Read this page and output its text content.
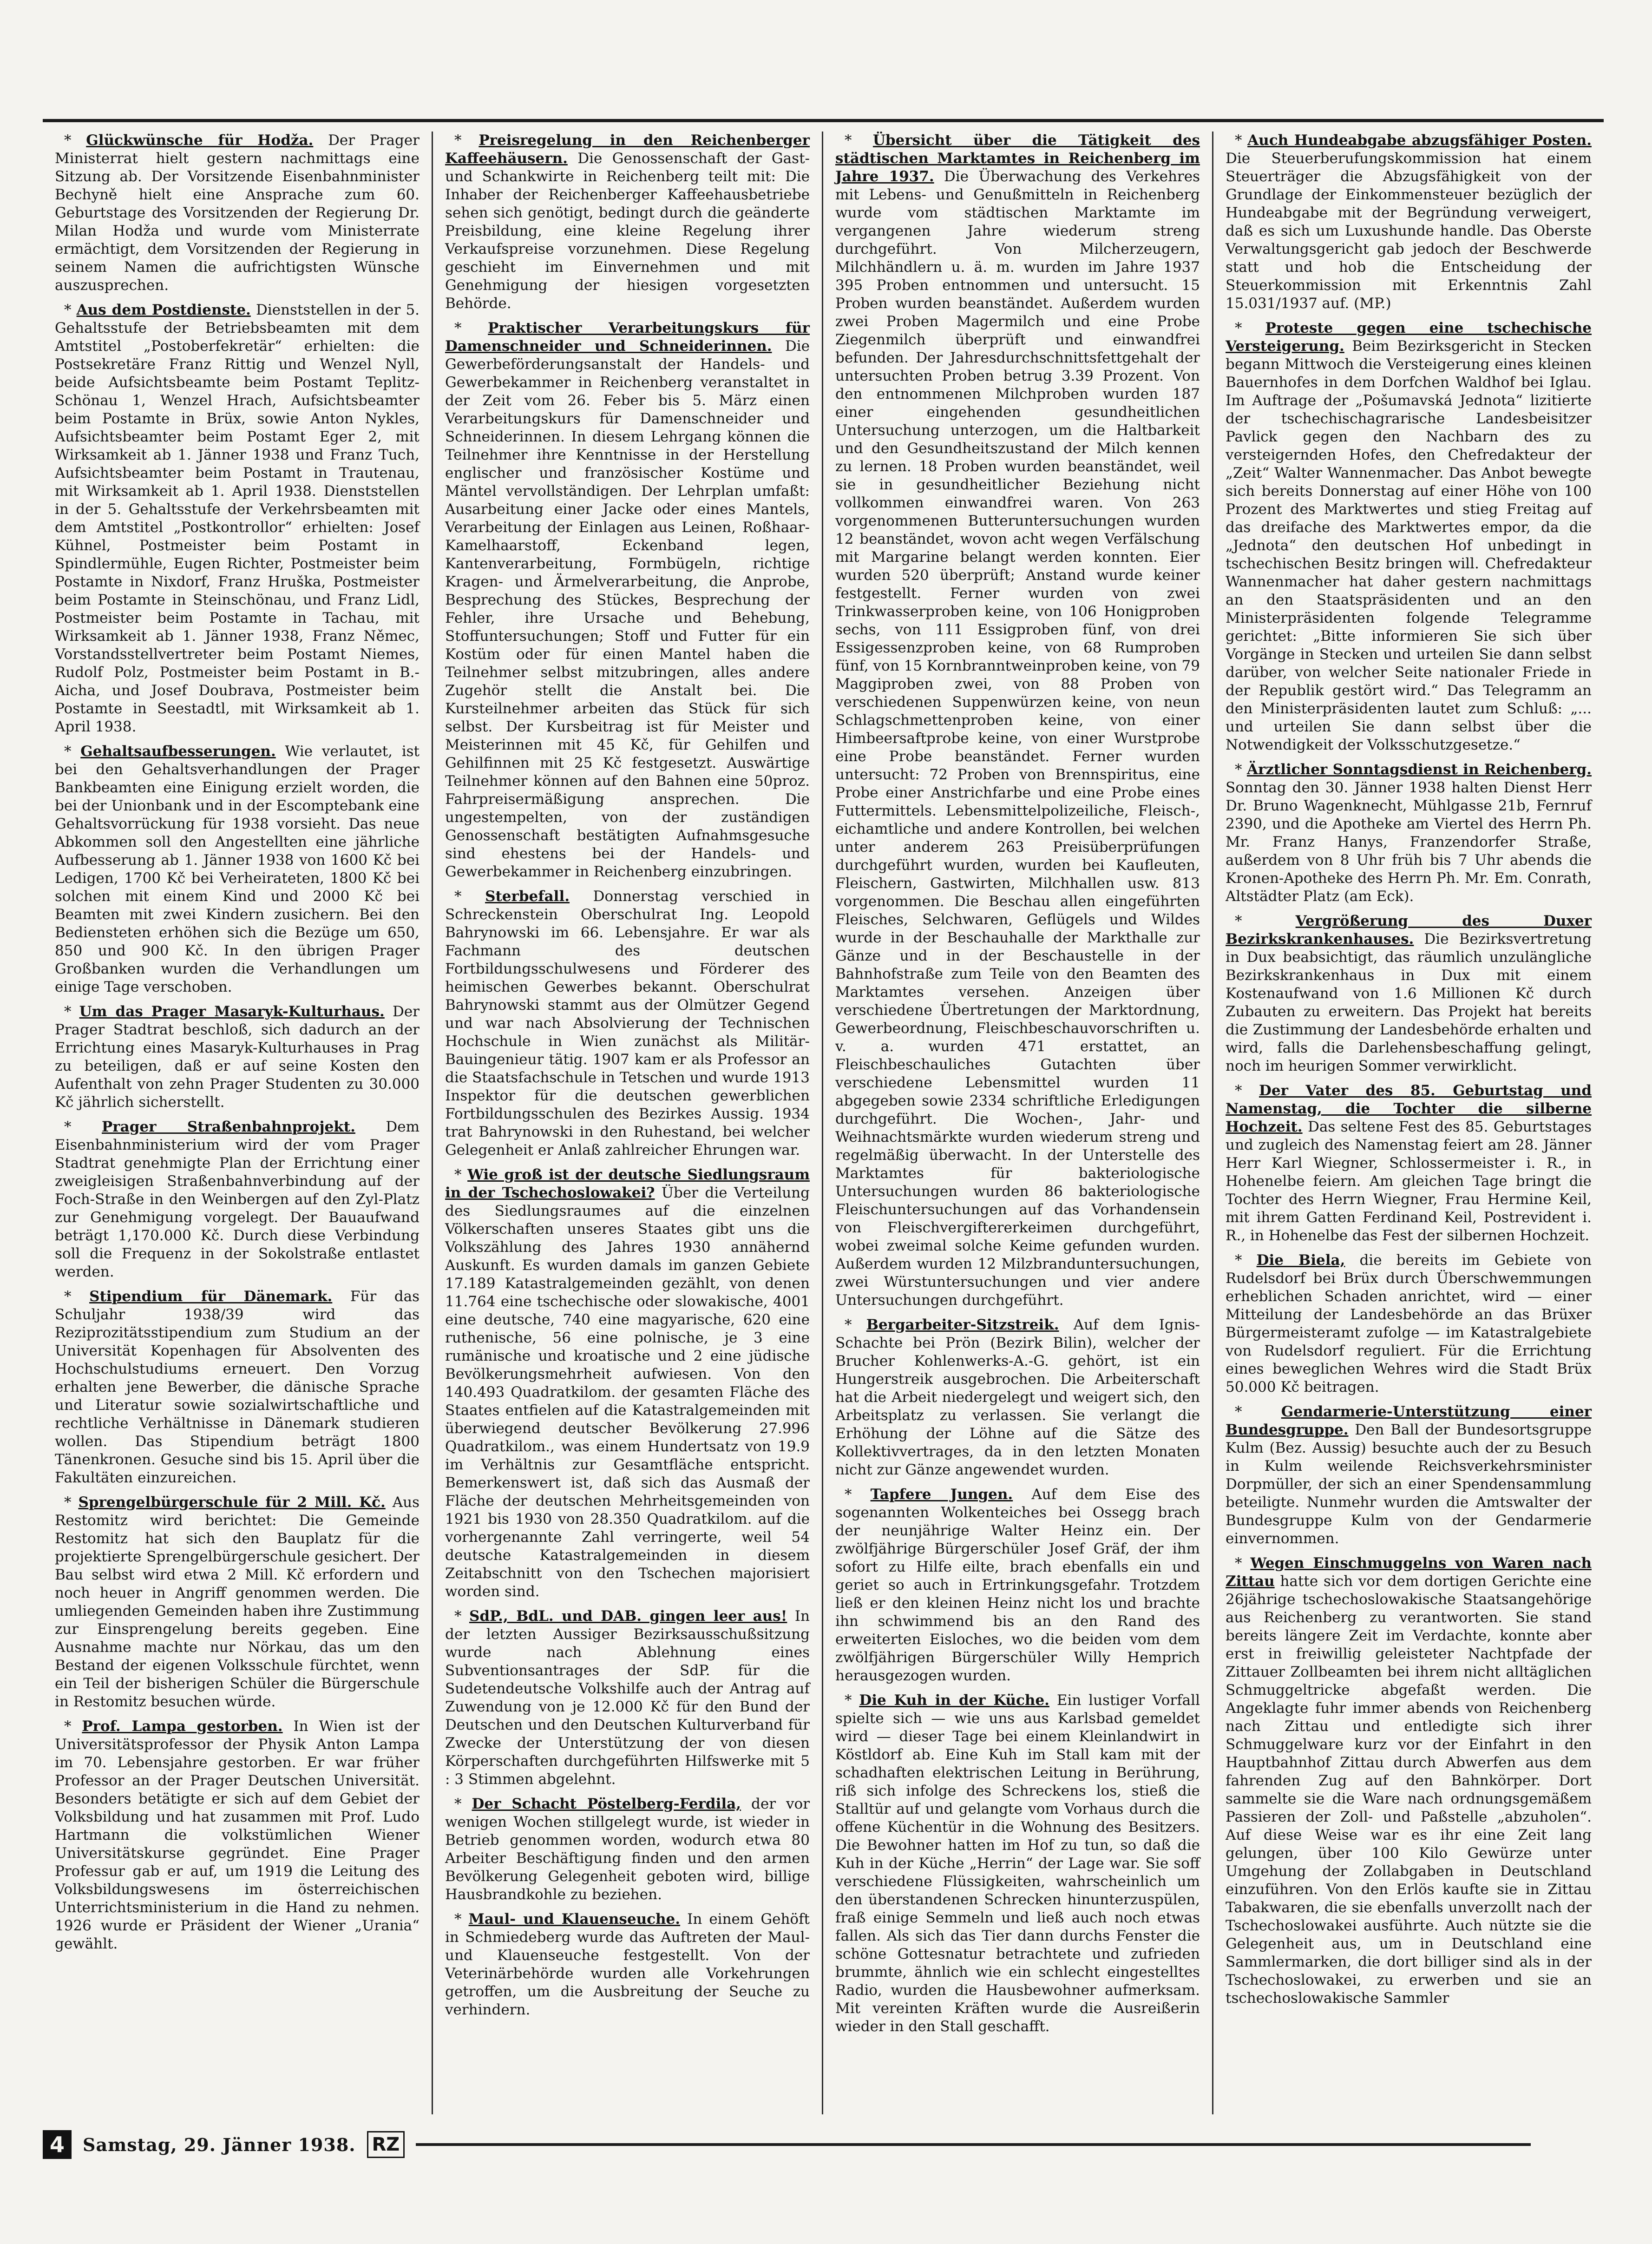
* Glückwünsche für Hodža. Der Prager Ministerrat hielt gestern nachmittags eine Sitzung ab. Der Vorsitzende Eisenbahnminister Bechyně hielt eine Ansprache zum 60. Geburtstage des Vorsitzenden der Regierung Dr. Milan Hodža und wurde vom Ministerrate ermächtigt, dem Vorsitzenden der Regierung in seinem Namen die aufrichtigsten Wünsche auszusprechen.

* Aus dem Postdienste. Dienststellen in der 5. Gehaltsstufe der Betriebsbeamten mit dem Amtstitel „Postoberfekretär“ erhielten: die Postsekretäre Franz Rittig und Wenzel Nyll, beide Aufsichtsbeamte beim Postamt Teplitz-Schönau 1, Wenzel Hrach, Aufsichtsbeamter beim Postamte in Brüx, sowie Anton Nykles, Aufsichtsbeamter beim Postamt Eger 2, mit Wirksamkeit ab 1. Jänner 1938 und Franz Tuch, Aufsichtsbeamter beim Postamt in Trautenau, mit Wirksamkeit ab 1. April 1938. Dienststellen in der 5. Gehaltsstufe der Verkehrsbeamten mit dem Amtstitel „Postkontrollor“ erhielten: Josef Kühnel, Postmeister beim Postamt in Spindlermühle, Eugen Richter, Postmeister beim Postamte in Nixdorf, Franz Hruška, Postmeister beim Postamte in Steinschönau, und Franz Lidl, Postmeister beim Postamte in Tachau, mit Wirksamkeit ab 1. Jänner 1938, Franz Němec, Vorstandsstellvertreter beim Postamt Niemes, Rudolf Polz, Postmeister beim Postamt in B.-Aicha, und Josef Doubrava, Postmeister beim Postamte in Seestadtl, mit Wirksamkeit ab 1. April 1938.

* Gehaltsaufbesserungen. Wie verlautet, ist bei den Gehaltsverhandlungen der Prager Bankbeamten eine Einigung erzielt worden, die bei der Unionbank und in der Escomptebank eine Gehaltsvorrückung für 1938 vorsieht. Das neue Abkommen soll den Angestellten eine jährliche Aufbesserung ab 1. Jänner 1938 von 1600 Kč bei Ledigen, 1700 Kč bei Verheirateten, 1800 Kč bei solchen mit einem Kind und 2000 Kč bei Beamten mit zwei Kindern zusichern. Bei den Bediensteten erhöhen sich die Bezüge um 650, 850 und 900 Kč. In den übrigen Prager Großbanken wurden die Verhandlungen um einige Tage verschoben.

* Um das Prager Masaryk-Kulturhaus. Der Prager Stadtrat beschloß, sich dadurch an der Errichtung eines Masaryk-Kulturhauses in Prag zu beteiligen, daß er auf seine Kosten den Aufenthalt von zehn Prager Studenten zu 30.000 Kč jährlich sicherstellt.

* Prager Straßenbahnprojekt. Dem Eisenbahnministerium wird der vom Prager Stadtrat genehmigte Plan der Errichtung einer zweigleisigen Straßenbahnverbindung auf der Foch-Straße in den Weinbergen auf den Zyl-Platz zur Genehmigung vorgelegt. Der Bauaufwand beträgt 1,170.000 Kč. Durch diese Verbindung soll die Frequenz in der Sokolstraße entlastet werden.

* Stipendium für Dänemark. Für das Schuljahr 1938/39 wird das Reziprozitätsstipendium zum Studium an der Universität Kopenhagen für Absolventen des Hochschulstudiums erneuert. Den Vorzug erhalten jene Bewerber, die dänische Sprache und Literatur sowie sozialwirtschaftliche und rechtliche Verhältnisse in Dänemark studieren wollen. Das Stipendium beträgt 1800 Tänenkronen. Gesuche sind bis 15. April über die Fakultäten einzureichen.

* Sprengelbürgerschule für 2 Mill. Kč. Aus Restomitz wird berichtet: Die Gemeinde Restomitz hat sich den Bauplatz für die projektierte Sprengelbürgerschule gesichert. Der Bau selbst wird etwa 2 Mill. Kč erfordern und noch heuer in Angriff genommen werden. Die umliegenden Gemeinden haben ihre Zustimmung zur Einsprengelung bereits gegeben. Eine Ausnahme machte nur Nörkau, das um den Bestand der eigenen Volksschule fürchtet, wenn ein Teil der bisherigen Schüler die Bürgerschule in Restomitz besuchen würde.

* Prof. Lampa gestorben. In Wien ist der Universitätsprofessor der Physik Anton Lampa im 70. Lebensjahre gestorben. Er war früher Professor an der Prager Deutschen Universität. Besonders betätigte er sich auf dem Gebiet der Volksbildung und hat zusammen mit Prof. Ludo Hartmann die volkstümlichen Wiener Universitätskurse gegründet. Eine Prager Professur gab er auf, um 1919 die Leitung des Volksbildungswesens im österreichischen Unterrichtsministerium in die Hand zu nehmen. 1926 wurde er Präsident der Wiener „Urania“ gewählt.

* Preisregelung in den Reichenberger Kaffeehäusern. Die Genossenschaft der Gast- und Schankwirte in Reichenberg teilt mit: Die Inhaber der Reichenberger Kaffeehausbetriebe sehen sich genötigt, bedingt durch die geänderte Preisbildung, eine kleine Regelung ihrer Verkaufspreise vorzunehmen. Diese Regelung geschieht im Einvernehmen und mit Genehmigung der hiesigen vorgesetzten Behörde.

* Praktischer Verarbeitungskurs für Damenschneider und Schneiderinnen. Die Gewerbeförderungsanstalt der Handels- und Gewerbekammer in Reichenberg veranstaltet in der Zeit vom 26. Feber bis 5. März einen Verarbeitungskurs für Damenschneider und Schneiderinnen. In diesem Lehrgang können die Teilnehmer ihre Kenntnisse in der Herstellung englischer und französischer Kostüme und Mäntel vervollständigen. Der Lehrplan umfaßt: Ausarbeitung einer Jacke oder eines Mantels, Verarbeitung der Einlagen aus Leinen, Roßhaar-Kamelhaarstoff, Eckenband legen, Kantenverarbeitung, Formbügeln, richtige Kragen- und Ärmelverarbeitung, die Anprobe, Besprechung des Stückes, Besprechung der Fehler, ihre Ursache und Behebung, Stoffuntersuchungen; Stoff und Futter für ein Kostüm oder für einen Mantel haben die Teilnehmer selbst mitzubringen, alles andere Zugehör stellt die Anstalt bei. Die Kursteilnehmer arbeiten das Stück für sich selbst. Der Kursbeitrag ist für Meister und Meisterinnen mit 45 Kč, für Gehilfen und Gehilfinnen mit 25 Kč festgesetzt. Auswärtige Teilnehmer können auf den Bahnen eine 50proz. Fahrpreisermäßigung ansprechen. Die ungestempelten, von der zuständigen Genossenschaft bestätigten Aufnahmsgesuche sind ehestens bei der Handels- und Gewerbekammer in Reichenberg einzubringen.

* Sterbefall. Donnerstag verschied in Schreckenstein Oberschulrat Ing. Leopold Bahrynowski im 66. Lebensjahre. Er war als Fachmann des deutschen Fortbildungsschulwesens und Förderer des heimischen Gewerbes bekannt. Oberschulrat Bahrynowski stammt aus der Olmützer Gegend und war nach Absolvierung der Technischen Hochschule in Wien zunächst als Militär-Bauingenieur tätig. 1907 kam er als Professor an die Staatsfachschule in Tetschen und wurde 1913 Inspektor für die deutschen gewerblichen Fortbildungsschulen des Bezirkes Aussig. 1934 trat Bahrynowski in den Ruhestand, bei welcher Gelegenheit er Anlaß zahlreicher Ehrungen war.

* Wie groß ist der deutsche Siedlungsraum in der Tschechoslowakei? Über die Verteilung des Siedlungsraumes auf die einzelnen Völkerschaften unseres Staates gibt uns die Volkszählung des Jahres 1930 annähernd Auskunft. Es wurden damals im ganzen Gebiete 17.189 Katastralgemeinden gezählt, von denen 11.764 eine tschechische oder slowakische, 4001 eine deutsche, 740 eine magyarische, 620 eine ruthenische, 56 eine polnische, je 3 eine rumänische und kroatische und 2 eine jüdische Bevölkerungsmehrheit aufwiesen. Von den 140.493 Quadratkilom. der gesamten Fläche des Staates entfielen auf die Katastralgemeinden mit überwiegend deutscher Bevölkerung 27.996 Quadratkilom., was einem Hundertsatz von 19.9 im Verhältnis zur Gesamtfläche entspricht. Bemerkenswert ist, daß sich das Ausmaß der Fläche der deutschen Mehrheitsgemeinden von 1921 bis 1930 von 28.350 Quadratkilom. auf die vorhergenannte Zahl verringerte, weil 54 deutsche Katastralgemeinden in diesem Zeitabschnitt von den Tschechen majorisiert worden sind.

* SdP., BdL. und DAB. gingen leer aus! In der letzten Aussiger Bezirksausschußsitzung wurde nach Ablehnung eines Subventionsantrages der SdP. für die Sudetendeutsche Volkshilfe auch der Antrag auf Zuwendung von je 12.000 Kč für den Bund der Deutschen und den Deutschen Kulturverband für Zwecke der Unterstützung der von diesen Körperschaften durchgeführten Hilfswerke mit 5 : 3 Stimmen abgelehnt.

* Der Schacht Pöstelberg-Ferdila, der vor wenigen Wochen stillgelegt wurde, ist wieder in Betrieb genommen worden, wodurch etwa 80 Arbeiter Beschäftigung finden und den armen Bevölkerung Gelegenheit geboten wird, billige Hausbrandkohle zu beziehen.

* Maul- und Klauenseuche. In einem Gehöft in Schmiedeberg wurde das Auftreten der Maul- und Klauenseuche festgestellt. Von der Veterinärbehörde wurden alle Vorkehrungen getroffen, um die Ausbreitung der Seuche zu verhindern.

* Übersicht über die Tätigkeit des städtischen Marktamtes in Reichenberg im Jahre 1937. Die Überwachung des Verkehres mit Lebens- und Genußmitteln in Reichenberg wurde vom städtischen Marktamte im vergangenen Jahre wiederum streng durchgeführt. Von Milcherzeugern, Milchhändlern u. ä. m. wurden im Jahre 1937 395 Proben entnommen und untersucht. 15 Proben wurden beanständet. Außerdem wurden zwei Proben Magermilch und eine Probe Ziegenmilch überprüft und einwandfrei befunden. Der Jahresdurchschnittsfettgehalt der untersuchten Proben betrug 3.39 Prozent. Von den entnommenen Milchproben wurden 187 einer eingehenden gesundheitlichen Untersuchung unterzogen, um die Haltbarkeit und den Gesundheitszustand der Milch kennen zu lernen. 18 Proben wurden beanständet, weil sie in gesundheitlicher Beziehung nicht vollkommen einwandfrei waren. Von 263 vorgenommenen Butteruntersuchungen wurden 12 beanständet, wovon acht wegen Verfälschung mit Margarine belangt werden konnten. Eier wurden 520 überprüft; Anstand wurde keiner festgestellt. Ferner wurden von zwei Trinkwasserproben keine, von 106 Honigproben sechs, von 111 Essigproben fünf, von drei Essigessenzproben keine, von 68 Rumproben fünf, von 15 Kornbranntweinproben keine, von 79 Maggiproben zwei, von 88 Proben von verschiedenen Suppenwürzen keine, von neun Schlagschmettenproben keine, von einer Himbeersaftprobe keine, von einer Wurstprobe eine Probe beanständet. Ferner wurden untersucht: 72 Proben von Brennspiritus, eine Probe einer Anstrichfarbe und eine Probe eines Futtermittels. Lebensmittelpolizeiliche, Fleisch-, eichamtliche und andere Kontrollen, bei welchen unter anderem 263 Preisüberprüfungen durchgeführt wurden, wurden bei Kaufleuten, Fleischern, Gastwirten, Milchhallen usw. 813 vorgenommen. Die Beschau allen eingeführten Fleisches, Selchwaren, Geflügels und Wildes wurde in der Beschauhalle der Markthalle zur Gänze und in der Beschaustelle in der Bahnhofstraße zum Teile von den Beamten des Marktamtes versehen. Anzeigen über verschiedene Übertretungen der Marktordnung, Gewerbeordnung, Fleischbeschauvorschriften u. v. a. wurden 471 erstattet, an Fleischbeschauliches Gutachten über verschiedene Lebensmittel wurden 11 abgegeben sowie 2334 schriftliche Erledigungen durchgeführt. Die Wochen-, Jahr- und Weihnachtsmärkte wurden wiederum streng und regelmäßig überwacht. In der Unterstelle des Marktamtes für bakteriologische Untersuchungen wurden 86 bakteriologische Fleischuntersuchungen auf das Vorhandensein von Fleischvergiftererkeimen durchgeführt, wobei zweimal solche Keime gefunden wurden. Außerdem wurden 12 Milzbranduntersuchungen, zwei Würstuntersuchungen und vier andere Untersuchungen durchgeführt.

* Bergarbeiter-Sitzstreik. Auf dem Ignis-Schachte bei Prön (Bezirk Bilin), welcher der Brucher Kohlenwerks-A.-G. gehört, ist ein Hungerstreik ausgebrochen. Die Arbeiterschaft hat die Arbeit niedergelegt und weigert sich, den Arbeitsplatz zu verlassen. Sie verlangt die Erhöhung der Löhne auf die Sätze des Kollektivvertrages, da in den letzten Monaten nicht zur Gänze angewendet wurden.

* Tapfere Jungen. Auf dem Eise des sogenannten Wolkenteiches bei Ossegg brach der neunjährige Walter Heinz ein. Der zwölfjährige Bürgerschüler Josef Gräf, der ihm sofort zu Hilfe eilte, brach ebenfalls ein und geriet so auch in Ertrinkungsgefahr. Trotzdem ließ er den kleinen Heinz nicht los und brachte ihn schwimmend bis an den Rand des erweiterten Eisloches, wo die beiden vom dem zwölfjährigen Bürgerschüler Willy Hemprich herausgezogen wurden.

* Die Kuh in der Küche. Ein lustiger Vorfall spielte sich — wie uns aus Karlsbad gemeldet wird — dieser Tage bei einem Kleinlandwirt in Köstldorf ab. Eine Kuh im Stall kam mit der schadhaften elektrischen Leitung in Berührung, riß sich infolge des Schreckens los, stieß die Stalltür auf und gelangte vom Vorhaus durch die offene Küchentür in die Wohnung des Besitzers. Die Bewohner hatten im Hof zu tun, so daß die Kuh in der Küche „Herrin“ der Lage war. Sie soff verschiedene Flüssigkeiten, wahrscheinlich um den überstandenen Schrecken hinunterzuspülen, fraß einige Semmeln und ließ auch noch etwas fallen. Als sich das Tier dann durchs Fenster die schöne Gottesnatur betrachtete und zufrieden brummte, ähnlich wie ein schlecht eingestelltes Radio, wurden die Hausbewohner aufmerksam. Mit vereinten Kräften wurde die Ausreißerin wieder in den Stall geschafft.

* Auch Hundeabgabe abzugsfähiger Posten. Die Steuerberufungskommission hat einem Steuerträger die Abzugsfähigkeit von der Grundlage der Einkommensteuer bezüglich der Hundeabgabe mit der Begründung verweigert, daß es sich um Luxushunde handle. Das Oberste Verwaltungsgericht gab jedoch der Beschwerde statt und hob die Entscheidung der Steuerkommission mit Erkenntnis Zahl 15.031/1937 auf. (MP.)

* Proteste gegen eine tschechische Versteigerung. Beim Bezirksgericht in Stecken begann Mittwoch die Versteigerung eines kleinen Bauernhofes in dem Dorfchen Waldhof bei Iglau. Im Auftrage der „Pošumavská Jednota“ lizitierte der tschechischagrarische Landesbeisitzer Pavlick gegen den Nachbarn des zu versteigernden Hofes, den Chefredakteur der „Zeit“ Walter Wannenmacher. Das Anbot bewegte sich bereits Donnerstag auf einer Höhe von 100 Prozent des Marktwertes und stieg Freitag auf das dreifache des Marktwertes empor, da die „Jednota“ den deutschen Hof unbedingt in tschechischen Besitz bringen will. Chefredakteur Wannenmacher hat daher gestern nachmittags an den Staatspräsidenten und an den Ministerpräsidenten folgende Telegramme gerichtet: „Bitte informieren Sie sich über Vorgänge in Stecken und urteilen Sie dann selbst darüber, von welcher Seite nationaler Friede in der Republik gestört wird.“ Das Telegramm an den Ministerpräsidenten lautet zum Schluß: „... und urteilen Sie dann selbst über die Notwendigkeit der Volksschutzgesetze.“

* Ärztlicher Sonntagsdienst in Reichenberg. Sonntag den 30. Jänner 1938 halten Dienst Herr Dr. Bruno Wagenknecht, Mühlgasse 21b, Fernruf 2390, und die Apotheke am Viertel des Herrn Ph. Mr. Franz Hanys, Franzendorfer Straße, außerdem von 8 Uhr früh bis 7 Uhr abends die Kronen-Apotheke des Herrn Ph. Mr. Em. Conrath, Altstädter Platz (am Eck).

* Vergrößerung des Duxer Bezirkskrankenhauses. Die Bezirksvertretung in Dux beabsichtigt, das räumlich unzulängliche Bezirkskrankenhaus in Dux mit einem Kostenaufwand von 1.6 Millionen Kč durch Zubauten zu erweitern. Das Projekt hat bereits die Zustimmung der Landesbehörde erhalten und wird, falls die Darlehensbeschaffung gelingt, noch im heurigen Sommer verwirklicht.

* Der Vater des 85. Geburtstag und Namenstag, die Tochter die silberne Hochzeit. Das seltene Fest des 85. Geburtstages und zugleich des Namenstag feiert am 28. Jänner Herr Karl Wiegner, Schlossermeister i. R., in Hohenelbe feiern. Am gleichen Tage bringt die Tochter des Herrn Wiegner, Frau Hermine Keil, mit ihrem Gatten Ferdinand Keil, Postrevident i. R., in Hohenelbe das Fest der silbernen Hochzeit.

* Die Biela, die bereits im Gebiete von Rudelsdorf bei Brüx durch Überschwemmungen erheblichen Schaden anrichtet, wird — einer Mitteilung der Landesbehörde an das Brüxer Bürgermeisteramt zufolge — im Katastralgebiete von Rudelsdorf reguliert. Für die Errichtung eines beweglichen Wehres wird die Stadt Brüx 50.000 Kč beitragen.

* Gendarmerie-Unterstützung einer Bundesgruppe. Den Ball der Bundesortsgruppe Kulm (Bez. Aussig) besuchte auch der zu Besuch in Kulm weilende Reichsverkehrsminister Dorpmüller, der sich an einer Spendensammlung beteiligte. Nunmehr wurden die Amtswalter der Bundesgruppe Kulm von der Gendarmerie einvernommen.

* Wegen Einschmuggelns von Waren nach Zittau hatte sich vor dem dortigen Gerichte eine 26jährige tschechoslowakische Staatsangehörige aus Reichenberg zu verantworten. Sie stand bereits längere Zeit im Verdachte, konnte aber erst in freiwillig geleisteter Nachtpfade der Zittauer Zollbeamten bei ihrem nicht alltäglichen Schmuggeltricke abgefaßt werden. Die Angeklagte fuhr immer abends von Reichenberg nach Zittau und entledigte sich ihrer Schmuggelware kurz vor der Einfahrt in den Hauptbahnhof Zittau durch Abwerfen aus dem fahrenden Zug auf den Bahnkörper. Dort sammelte sie die Ware nach ordnungsgemäßem Passieren der Zoll- und Paßstelle „abzuholen“. Auf diese Weise war es ihr eine Zeit lang gelungen, über 100 Kilo Gewürze unter Umgehung der Zollabgaben in Deutschland einzuführen. Von den Erlös kaufte sie in Zittau Tabakwaren, die sie ebenfalls unverzollt nach der Tschechoslowakei ausführte. Auch nützte sie die Gelegenheit aus, um in Deutschland eine Sammlermarken, die dort billiger sind als in der Tschechoslowakei, zu erwerben und sie an tschechoslowakische Sammler

4	Samstag, 29. Jänner 1938. RZ
